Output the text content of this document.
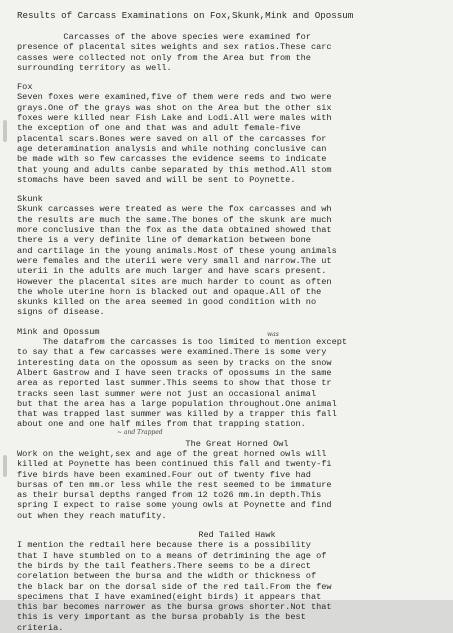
Results of Carcass Examinations on Fox,Skunk,Mink and Opossum
Carcasses of the above species were examined for
presence of placental sites weights and sex ratios.These carc
casses were collected not only from the Area but from the
surrounding territory as well.
Fox
Seven foxes were examined,five of them were reds and two were
grays.One of the grays was shot on the Area but the other six
foxes were killed near Fish Lake and Lodi.All were males with
the exception of one and that was and adult female-five
placental scars.Bones were saved on all of the carcasses for
age deteramination analysis and while nothing conclusive can
be made with so few carcasses the evidence seems to indicate
that young and adults canbe separated by this method.All stom
stomachs have been saved and will be sent to Poynette.
Skunk
Skunk carcasses were treated as were the fox carcasses and wh
the results are much the same.The bones of the skunk are much
more conclusive than the fox as the data obtained showed that
there is a very definite line of demarkation between bone
and cartilage in the young animals.Most of these young animals
were females and the uterii were very small and narrow.The ut
uterii in the adults are much larger and have scars present.
However the placental sites are much harder to count as often
the whole uterine horn is blacked out and opaque.All of the
skunks killed on the area seemed in good condition with no
signs of disease.
Mink and Opossum	was
The datafrom the carcasses is too limited to mention except
to say that a few carcasses were examined.There is some very
interesting data on the opossum as seen by tracks on the snow
Albert Gastrow and I have seen tracks of opossums in the same
area as reported last summer.This seems to show that those tr
tracks seen last summer were not just an occasional animal
but that the area has a large population throughout.One animal
that was trapped last summer was killed by a trapper this fall
about one and one half miles from that trapping station.
~ and Trapped
The Great Horned Owl
Work on the weight,sex and age of the great horned owls will
killed at Poynette has been continued this fall and twenty-fi
five birds have been examined.Four out of twenty five had
bursas of ten mm.or less while the rest seemed to be immature
as their bursal depths ranged from 12 to26 mm.in depth.This
spring I expect to raise some young owls at Poynette and find
out when they reach matufity.
Red Tailed Hawk
I mention the redtail here because there is a possibility
that I have stumbled on to a means of detrimining the age of
the birds by the tail feathers.There seems to be a direct
corelation between the bursa and the width or thickness of
the black bar on the dorsal side of the red tail.From the few
specimens that I have examined(eight birds) it appears that
this bar becomes narrower as the bursa grows shorter.Not that
this is very important as the bursa probably is the best
criteria.
